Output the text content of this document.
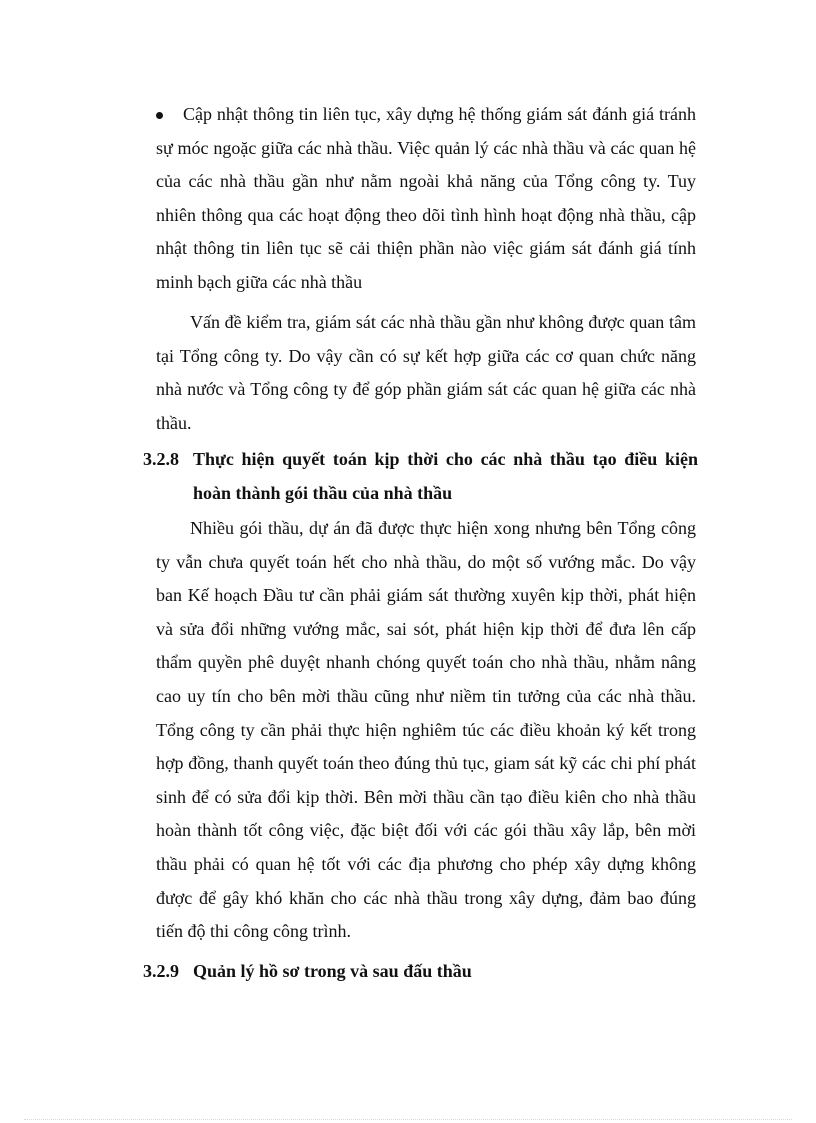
Cập nhật thông tin liên tục, xây dựng hệ thống giám sát đánh giá tránh sự móc ngoặc giữa các nhà thầu. Việc quản lý các nhà thầu và các quan hệ của các nhà thầu gần như nằm ngoài khả năng của Tổng công ty. Tuy nhiên thông qua các hoạt động theo dõi tình hình hoạt động nhà thầu, cập nhật thông tin liên tục sẽ cải thiện phần nào việc giám sát đánh giá tính minh bạch giữa các nhà thầu

Vấn đề kiểm tra, giám sát các nhà thầu gần như không được quan tâm tại Tổng công ty. Do vậy cần có sự kết hợp giữa các cơ quan chức năng nhà nước và Tổng công ty để góp phần giám sát các quan hệ giữa các nhà thầu.

3.2.8 Thực hiện quyết toán kịp thời cho các nhà thầu tạo điều kiện hoàn thành gói thầu của nhà thầu

Nhiều gói thầu, dự án đã được thực hiện xong nhưng bên Tổng công ty vẫn chưa quyết toán hết cho nhà thầu, do một số vướng mắc. Do vậy ban Kế hoạch Đầu tư cần phải giám sát thường xuyên kịp thời, phát hiện và sửa đổi những vướng mắc, sai sót, phát hiện kịp thời để đưa lên cấp thẩm quyền phê duyệt nhanh chóng quyết toán cho nhà thầu, nhằm nâng cao uy tín cho bên mời thầu cũng như niềm tin tưởng của các nhà thầu. Tổng công ty cần phải thực hiện nghiêm túc các điều khoản ký kết trong hợp đồng, thanh quyết toán theo đúng thủ tục, giam sát kỹ các chi phí phát sinh để có sửa đổi kịp thời. Bên mời thầu cần tạo điều kiên cho nhà thầu hoàn thành tốt công việc, đặc biệt đối với các gói thầu xây lắp, bên mời thầu phải có quan hệ tốt với các địa phương cho phép xây dựng không được để gây khó khăn cho các nhà thầu trong xây dựng, đảm bao đúng tiến độ thi công công trình.

3.2.9 Quản lý hồ sơ trong và sau đấu thầu
